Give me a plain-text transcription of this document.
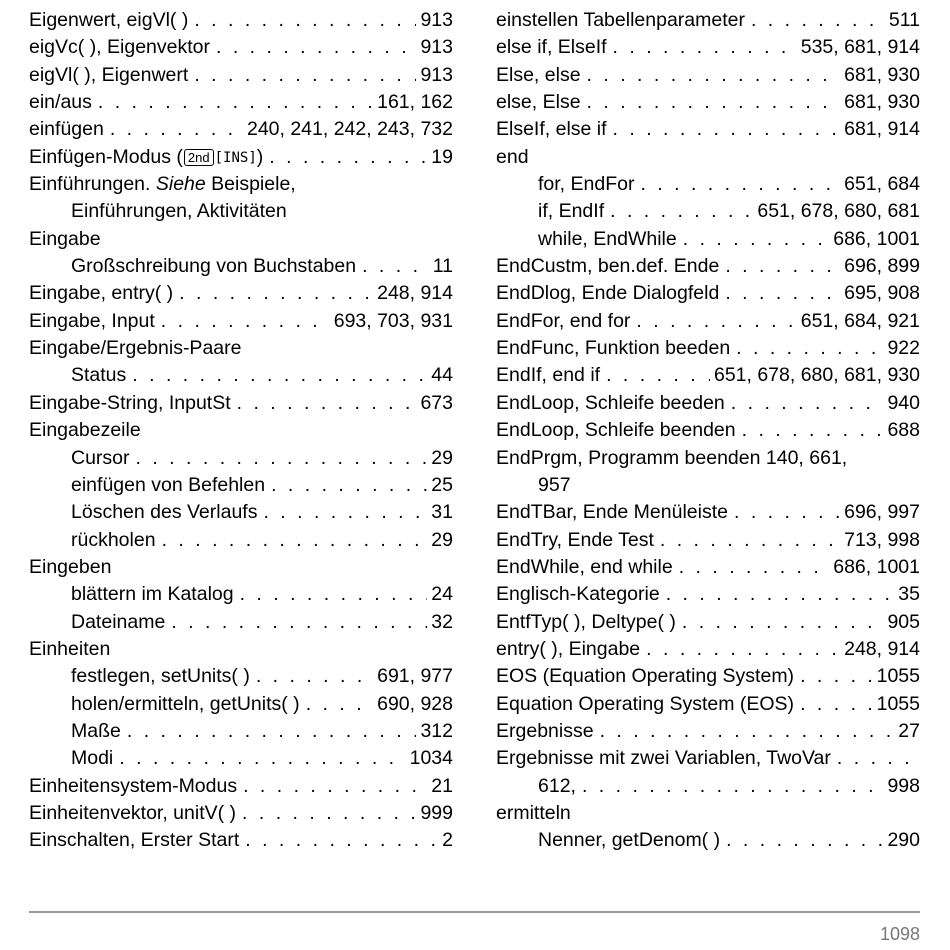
Eigenwert, eigVl( ) . . .	913
eigVc( ), Eigenvektor . . .	913
eigVl( ), Eigenwert . . .	913
ein/aus . . .	161, 162
einfügen . . .	240, 241, 242, 243, 732
Einfügen-Modus ( 2nd [INS]) . . .	19
Einführungen. Siehe Beispiele,
Einführungen, Aktivitäten
Eingabe
Großschreibung von Buchstaben . . .	11
Eingabe, entry( ) . . .	248, 914
Eingabe, Input . . .	693, 703, 931
Eingabe/Ergebnis-Paare
Status . . .	44
Eingabe-String, InputSt . . .	673
Eingabezeile
Cursor . . .	29
einfügen von Befehlen . . .	25
Löschen des Verlaufs . . .	31
rückholen . . .	29
Eingeben
blättern im Katalog . . .	24
Dateiname . . .	32
Einheiten
festlegen, setUnits( ) . . .	691, 977
holen/ermitteln, getUnits( ) . . .	690, 928
Maße . . .	312
Modi . . .	1034
Einheitensystem-Modus . . .	21
Einheitenvektor, unitV( ) . . .	999
Einschalten, Erster Start . . .	2
einstellen Tabellenparameter . . .	511
else if, ElseIf . . .	535, 681, 914
Else, else . . .	681, 930
else, Else . . .	681, 930
ElseIf, else if . . .	681, 914
end
for, EndFor . . .	651, 684
if, EndIf . . .	651, 678, 680, 681
while, EndWhile . . .	686, 1001
EndCustm, ben.def. Ende . . .	696, 899
EndDlog, Ende Dialogfeld . . .	695, 908
EndFor, end for . . .	651, 684, 921
EndFunc, Funktion beeden . . .	922
EndIf, end if . . .	651, 678, 680, 681, 930
EndLoop, Schleife beeden . . .	940
EndLoop, Schleife beenden . . .	688
EndPrgm, Programm beenden 140, 661,
957
EndTBar, Ende Menüleiste . . .	696, 997
EndTry, Ende Test . . .	713, 998
EndWhile, end while . . .	686, 1001
Englisch-Kategorie . . .	35
EntfTyp( ), Deltype( ) . . .	905
entry( ), Eingabe . . .	248, 914
EOS (Equation Operating System) . . .	1055
Equation Operating System (EOS) . . .	1055
Ergebnisse . . .	27
Ergebnisse mit zwei Variablen, TwoVar
. . .
612, . . .	998
ermitteln
Nenner, getDenom( ) . . .	290
1098
